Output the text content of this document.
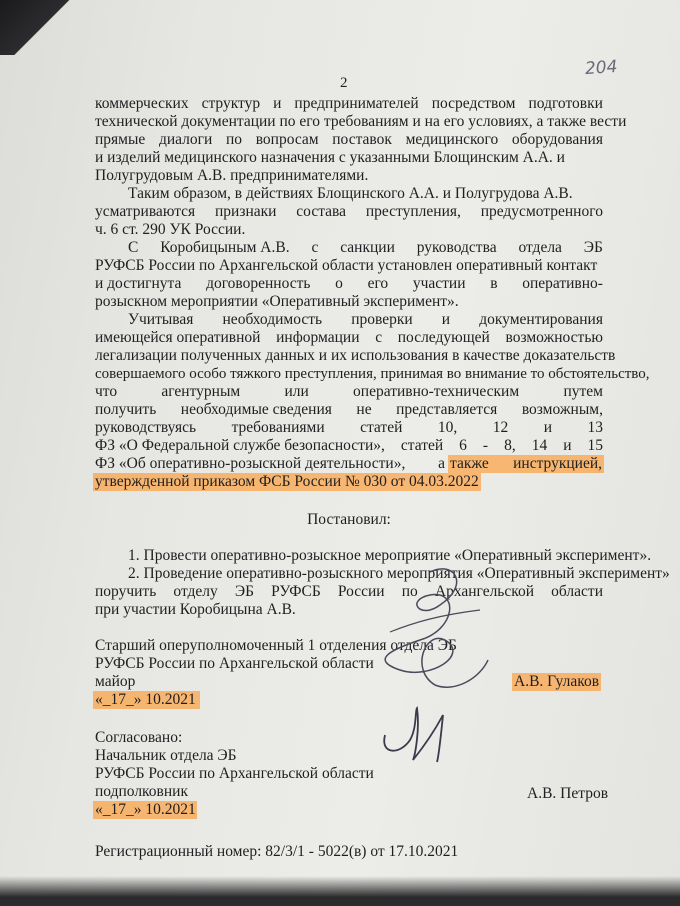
2
204
коммерческих структур и предпринимателей посредством подготовки
технической документации по его требованиям и на его условиях, а также вести
прямые диалоги по вопросам поставок медицинского оборудования
и изделий медицинского назначения с указанными Блощинским А.А. и
Полугрудовым А.В. предпринимателями.
Таким образом, в действиях Блощинского А.А. и Полугрудова А.В.
усматриваются признаки состава преступления, предусмотренного
ч. 6 ст. 290 УК России.
С Коробицыным А.В. с санкции руководства отдела ЭБ
РУФСБ России по Архангельской области установлен оперативный контакт
и достигнута договоренность о его участии в оперативно-
розыскном мероприятии «Оперативный эксперимент».
Учитывая необходимость проверки и документирования
имеющейся оперативной информации с последующей возможностью
легализации полученных данных и их использования в качестве доказательств
совершаемого особо тяжкого преступления, принимая во внимание то обстоятельство,
что	агентурным	или	оперативно-техническим	путем
получить необходимые сведения не представляется возможным,
руководствуясь требованиями статей 10, 12 и 13
ФЗ «О Федеральной службе безопасности», статей 6 - 8, 14 и 15
ФЗ «Об оперативно-розыскной деятельности», а также инструкцией,
утвержденной приказом ФСБ России № 030 от 04.03.2022
Постановил:
1. Провести оперативно-розыскное мероприятие «Оперативный эксперимент».
2. Проведение оперативно-розыскного мероприятия «Оперативный эксперимент»
поручить отделу ЭБ РУФСБ России по Архангельской области
при участии Коробицына А.В.
Старший оперуполномоченный 1 отделения отдела ЭБ
РУФСБ России по Архангельской области
майор	А.В. Гулаков
«_17_» 10.2021
Согласовано:
Начальник отдела ЭБ
РУФСБ России по Архангельской области
подполковник	А.В. Петров
«_17_» 10.2021
Регистрационный номер: 82/3/1 - 5022(в) от 17.10.2021
